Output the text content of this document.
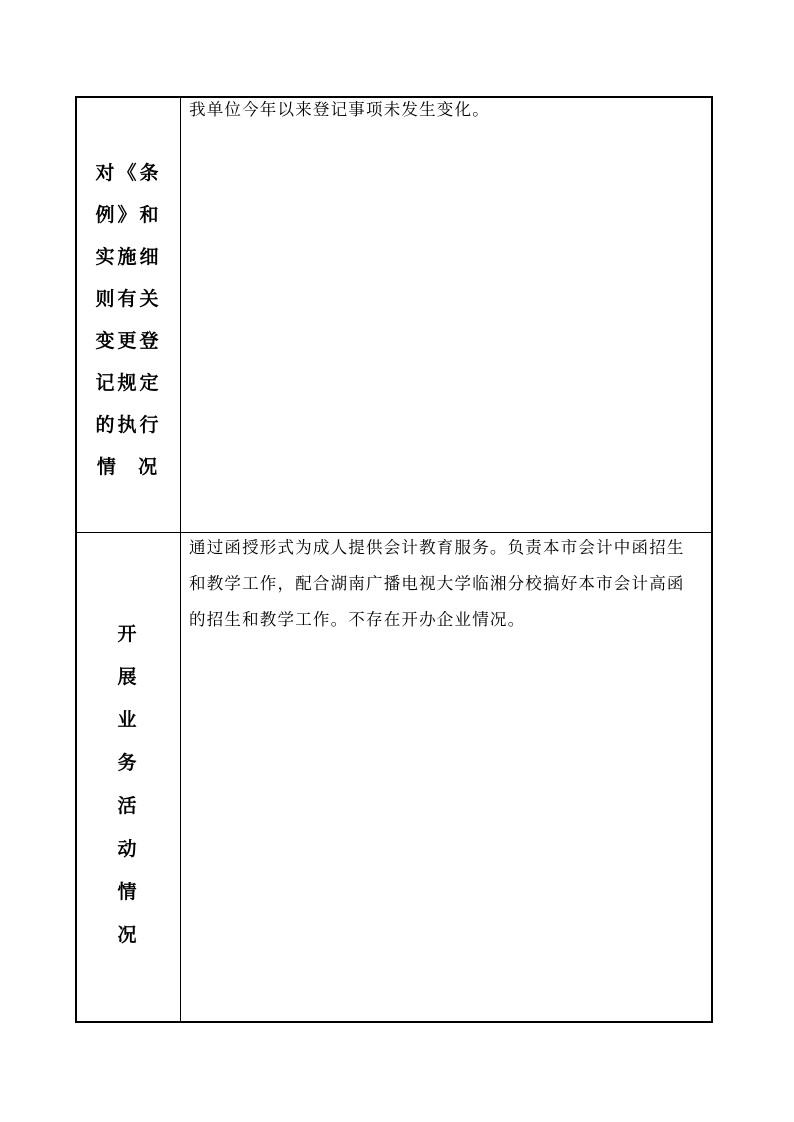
对《条
例》和
实施细
则有关
变更登
记规定
的执行
情  况
我单位今年以来登记事项未发生变化。
开
展
业
务
活
动
情
况
通过函授形式为成人提供会计教育服务。负责本市会计中函招生
和教学工作，配合湖南广播电视大学临湘分校搞好本市会计高函
的招生和教学工作。不存在开办企业情况。
